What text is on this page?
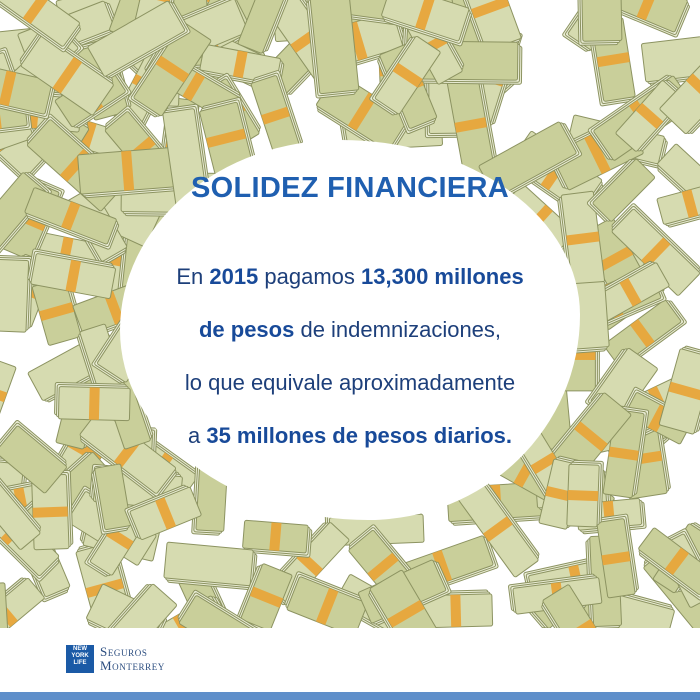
SOLIDEZ FINANCIERA
En 2015 pagamos 13,300 millones
de pesos de indemnizaciones,
lo que equivale aproximadamente
a 35 millones de pesos diarios.
NEW
YORK
LIFE
Seguros
Monterrey
